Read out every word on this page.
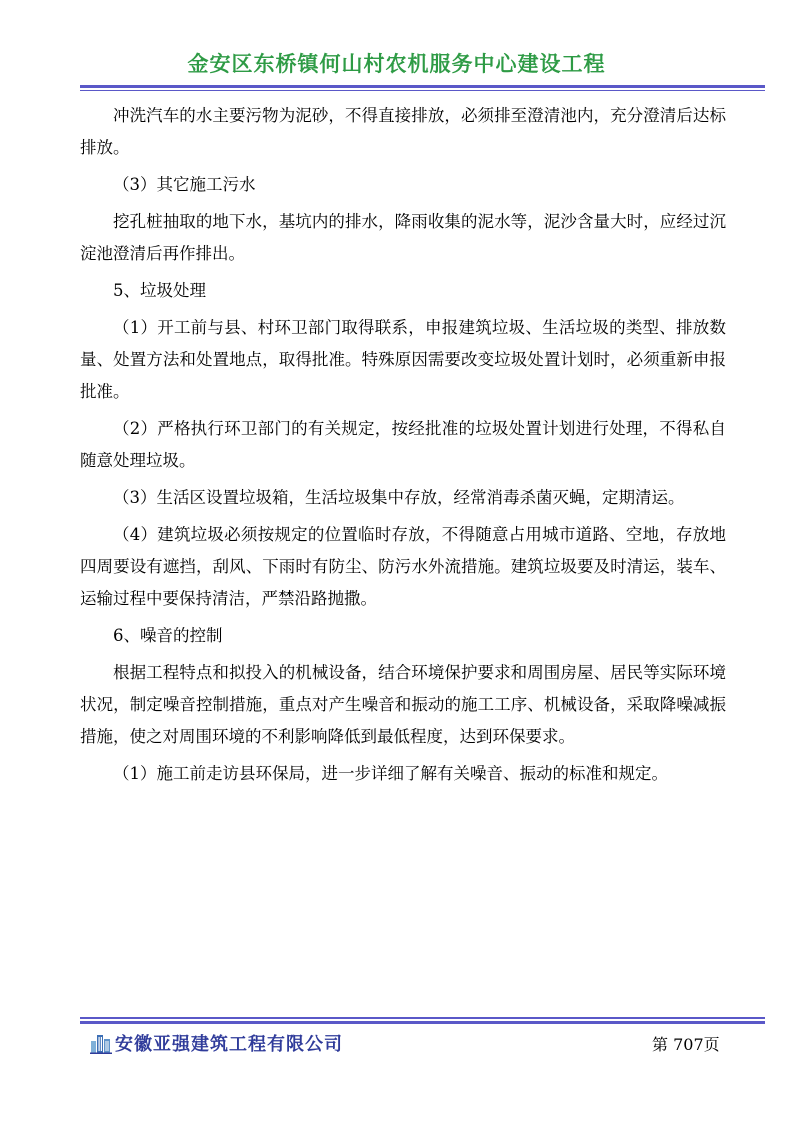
金安区东桥镇何山村农机服务中心建设工程

冲洗汽车的水主要污物为泥砂，不得直接排放，必须排至澄清池内，充分澄清后达标排放。

（3）其它施工污水

挖孔桩抽取的地下水，基坑内的排水，降雨收集的泥水等，泥沙含量大时，应经过沉淀池澄清后再作排出。

5、垃圾处理

（1）开工前与县、村环卫部门取得联系，申报建筑垃圾、生活垃圾的类型、排放数量、处置方法和处置地点，取得批准。特殊原因需要改变垃圾处置计划时，必须重新申报批准。

（2）严格执行环卫部门的有关规定，按经批准的垃圾处置计划进行处理，不得私自随意处理垃圾。

（3）生活区设置垃圾箱，生活垃圾集中存放，经常消毒杀菌灭蝇，定期清运。

（4）建筑垃圾必须按规定的位置临时存放，不得随意占用城市道路、空地，存放地四周要设有遮挡，刮风、下雨时有防尘、防污水外流措施。建筑垃圾要及时清运，装车、运输过程中要保持清洁，严禁沿路抛撒。

6、噪音的控制

根据工程特点和拟投入的机械设备，结合环境保护要求和周围房屋、居民等实际环境状况，制定噪音控制措施，重点对产生噪音和振动的施工工序、机械设备，采取降噪减振措施，使之对周围环境的不利影响降低到最低程度，达到环保要求。

（1）施工前走访县环保局，进一步详细了解有关噪音、振动的标准和规定。

安徽亚强建筑工程有限公司	第 707页
